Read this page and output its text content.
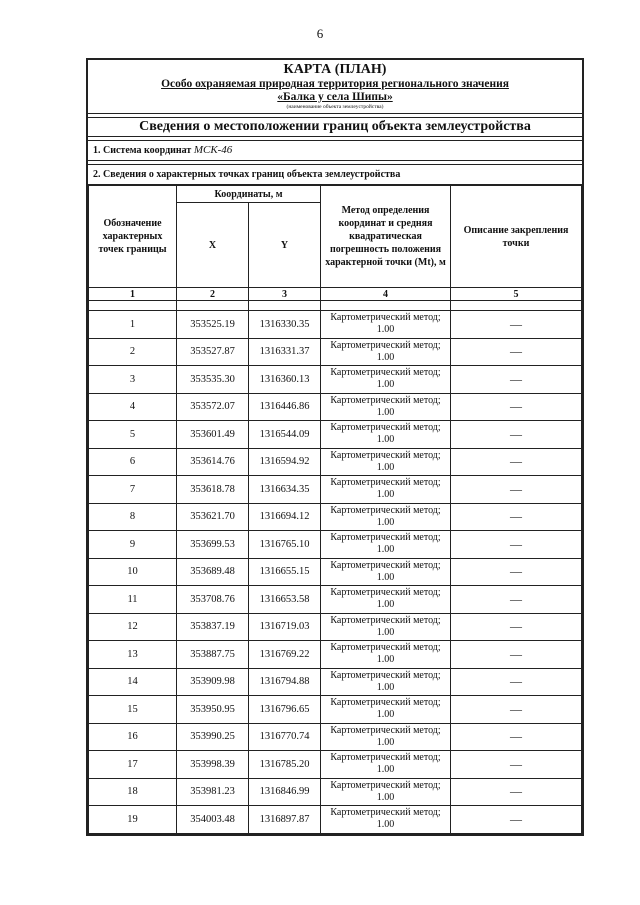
6
КАРТА (ПЛАН)
Особо охраняемая природная территория регионального значения
«Балка у села Шипы»
(наименование объекта землеустройства)
Сведения о местоположении границ объекта землеустройства
1. Система координат МСК-46
2. Сведения о характерных точках границ объекта землеустройства
Обозначение характерных точек границы	Координаты, м		Метод определения координат и средняя квадратическая погрешность положения характерной точки (Mt), м	Описание закрепления точки
	X	Y		
1	2	3	4	5

1	353525.19	1316330.35	Картометрический метод; 1.00	—
2	353527.87	1316331.37	Картометрический метод; 1.00	—
3	353535.30	1316360.13	Картометрический метод; 1.00	—
4	353572.07	1316446.86	Картометрический метод; 1.00	—
5	353601.49	1316544.09	Картометрический метод; 1.00	—
6	353614.76	1316594.92	Картометрический метод; 1.00	—
7	353618.78	1316634.35	Картометрический метод; 1.00	—
8	353621.70	1316694.12	Картометрический метод; 1.00	—
9	353699.53	1316765.10	Картометрический метод; 1.00	—
10	353689.48	1316655.15	Картометрический метод; 1.00	—
11	353708.76	1316653.58	Картометрический метод; 1.00	—
12	353837.19	1316719.03	Картометрический метод; 1.00	—
13	353887.75	1316769.22	Картометрический метод; 1.00	—
14	353909.98	1316794.88	Картометрический метод; 1.00	—
15	353950.95	1316796.65	Картометрический метод; 1.00	—
16	353990.25	1316770.74	Картометрический метод; 1.00	—
17	353998.39	1316785.20	Картометрический метод; 1.00	—
18	353981.23	1316846.99	Картометрический метод; 1.00	—
19	354003.48	1316897.87	Картометрический метод; 1.00	—
